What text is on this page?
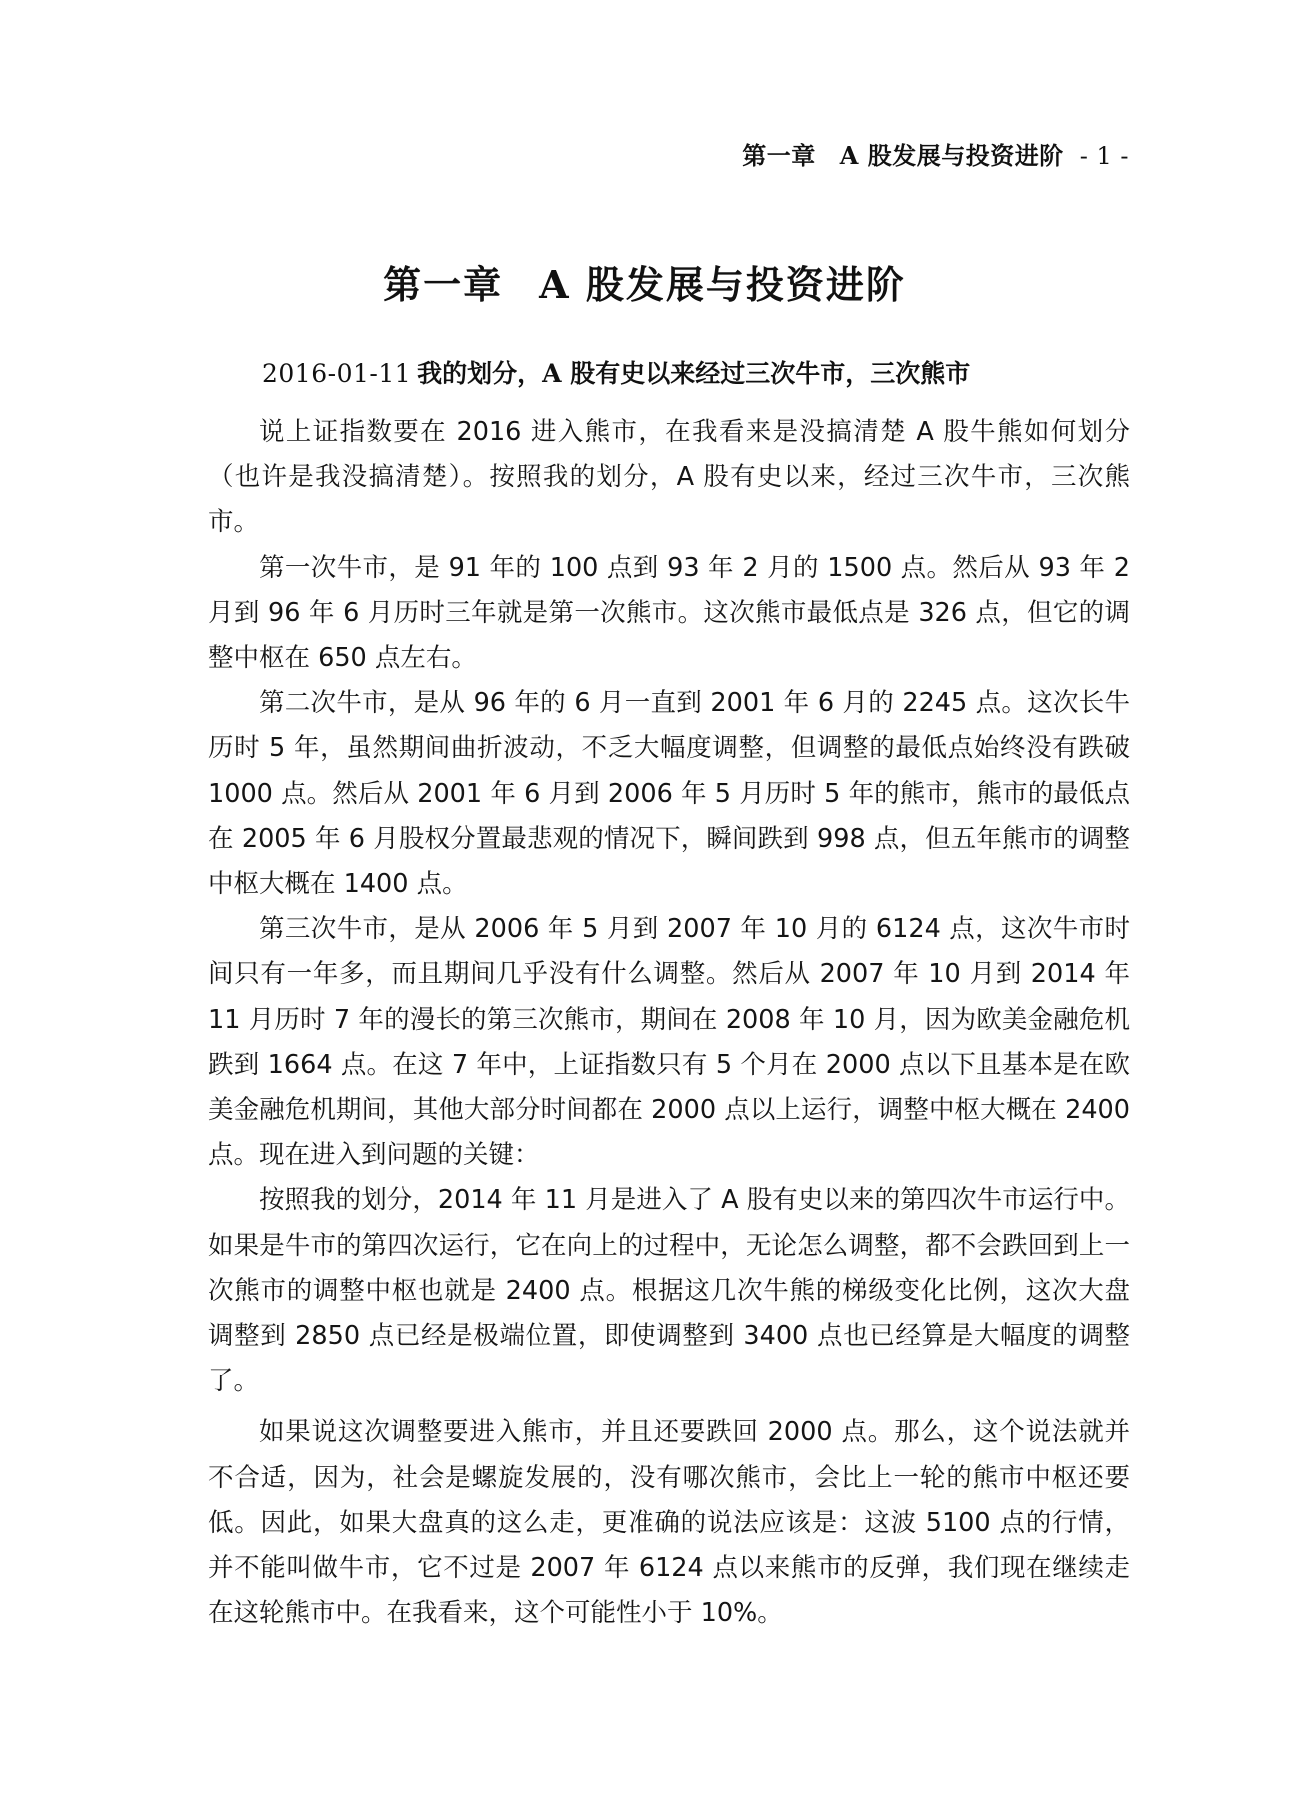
第一章 A 股发展与投资进阶 - 1 -
第一章 A 股发展与投资进阶
2016-01-11 我的划分，A 股有史以来经过三次牛市，三次熊市

说上证指数要在 2016 进入熊市，在我看来是没搞清楚 A 股牛熊如何划分（也许是我没搞清楚）。按照我的划分，A 股有史以来，经过三次牛市，三次熊市。

第一次牛市，是 91 年的 100 点到 93 年 2 月的 1500 点。然后从 93 年 2 月到 96 年 6 月历时三年就是第一次熊市。这次熊市最低点是 326 点，但它的调整中枢在 650 点左右。

第二次牛市，是从 96 年的 6 月一直到 2001 年 6 月的 2245 点。这次长牛历时 5 年，虽然期间曲折波动，不乏大幅度调整，但调整的最低点始终没有跌破 1000 点。然后从 2001 年 6 月到 2006 年 5 月历时 5 年的熊市，熊市的最低点在 2005 年 6 月股权分置最悲观的情况下，瞬间跌到 998 点，但五年熊市的调整中枢大概在 1400 点。

第三次牛市，是从 2006 年 5 月到 2007 年 10 月的 6124 点，这次牛市时间只有一年多，而且期间几乎没有什么调整。然后从 2007 年 10 月到 2014 年 11 月历时 7 年的漫长的第三次熊市，期间在 2008 年 10 月，因为欧美金融危机跌到 1664 点。在这 7 年中，上证指数只有 5 个月在 2000 点以下且基本是在欧美金融危机期间，其他大部分时间都在 2000 点以上运行，调整中枢大概在 2400 点。现在进入到问题的关键：

按照我的划分，2014 年 11 月是进入了 A 股有史以来的第四次牛市运行中。如果是牛市的第四次运行，它在向上的过程中，无论怎么调整，都不会跌回到上一次熊市的调整中枢也就是 2400 点。根据这几次牛熊的梯级变化比例，这次大盘调整到 2850 点已经是极端位置，即使调整到 3400 点也已经算是大幅度的调整了。

如果说这次调整要进入熊市，并且还要跌回 2000 点。那么，这个说法就并不合适，因为，社会是螺旋发展的，没有哪次熊市，会比上一轮的熊市中枢还要低。因此，如果大盘真的这么走，更准确的说法应该是：这波 5100 点的行情，并不能叫做牛市，它不过是 2007 年 6124 点以来熊市的反弹，我们现在继续走在这轮熊市中。在我看来，这个可能性小于 10%。
